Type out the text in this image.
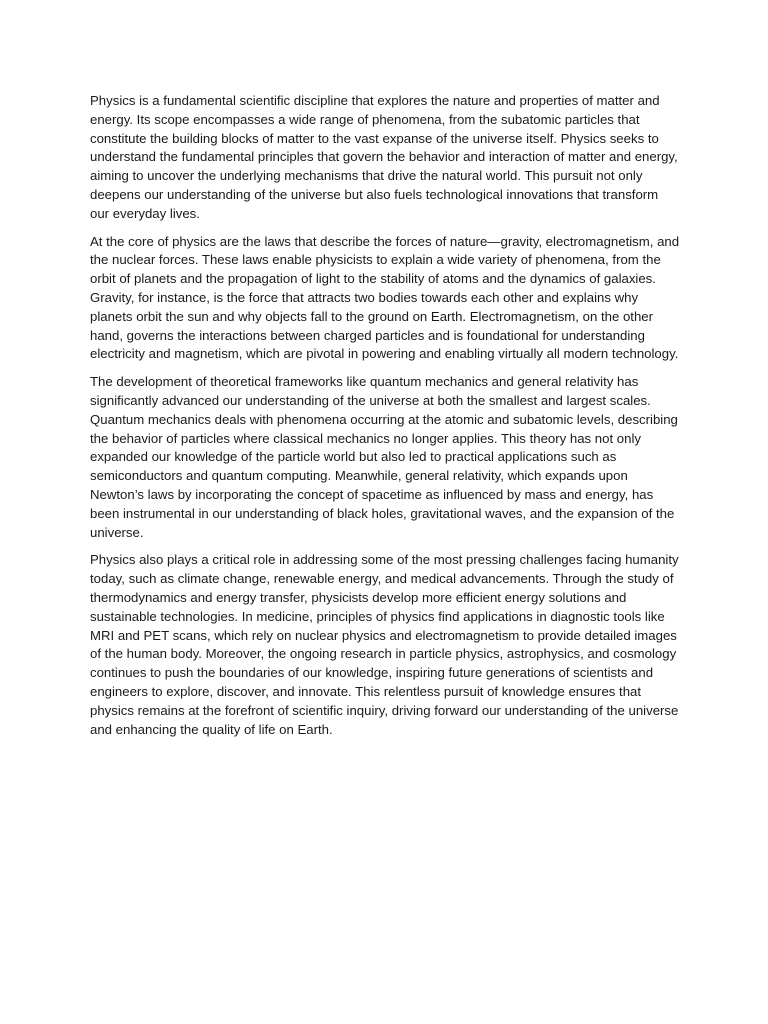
Physics is a fundamental scientific discipline that explores the nature and properties of matter and energy. Its scope encompasses a wide range of phenomena, from the subatomic particles that constitute the building blocks of matter to the vast expanse of the universe itself. Physics seeks to understand the fundamental principles that govern the behavior and interaction of matter and energy, aiming to uncover the underlying mechanisms that drive the natural world. This pursuit not only deepens our understanding of the universe but also fuels technological innovations that transform our everyday lives.

At the core of physics are the laws that describe the forces of nature—gravity, electromagnetism, and the nuclear forces. These laws enable physicists to explain a wide variety of phenomena, from the orbit of planets and the propagation of light to the stability of atoms and the dynamics of galaxies. Gravity, for instance, is the force that attracts two bodies towards each other and explains why planets orbit the sun and why objects fall to the ground on Earth. Electromagnetism, on the other hand, governs the interactions between charged particles and is foundational for understanding electricity and magnetism, which are pivotal in powering and enabling virtually all modern technology.

The development of theoretical frameworks like quantum mechanics and general relativity has significantly advanced our understanding of the universe at both the smallest and largest scales. Quantum mechanics deals with phenomena occurring at the atomic and subatomic levels, describing the behavior of particles where classical mechanics no longer applies. This theory has not only expanded our knowledge of the particle world but also led to practical applications such as semiconductors and quantum computing. Meanwhile, general relativity, which expands upon Newton’s laws by incorporating the concept of spacetime as influenced by mass and energy, has been instrumental in our understanding of black holes, gravitational waves, and the expansion of the universe.

Physics also plays a critical role in addressing some of the most pressing challenges facing humanity today, such as climate change, renewable energy, and medical advancements. Through the study of thermodynamics and energy transfer, physicists develop more efficient energy solutions and sustainable technologies. In medicine, principles of physics find applications in diagnostic tools like MRI and PET scans, which rely on nuclear physics and electromagnetism to provide detailed images of the human body. Moreover, the ongoing research in particle physics, astrophysics, and cosmology continues to push the boundaries of our knowledge, inspiring future generations of scientists and engineers to explore, discover, and innovate. This relentless pursuit of knowledge ensures that physics remains at the forefront of scientific inquiry, driving forward our understanding of the universe and enhancing the quality of life on Earth.
